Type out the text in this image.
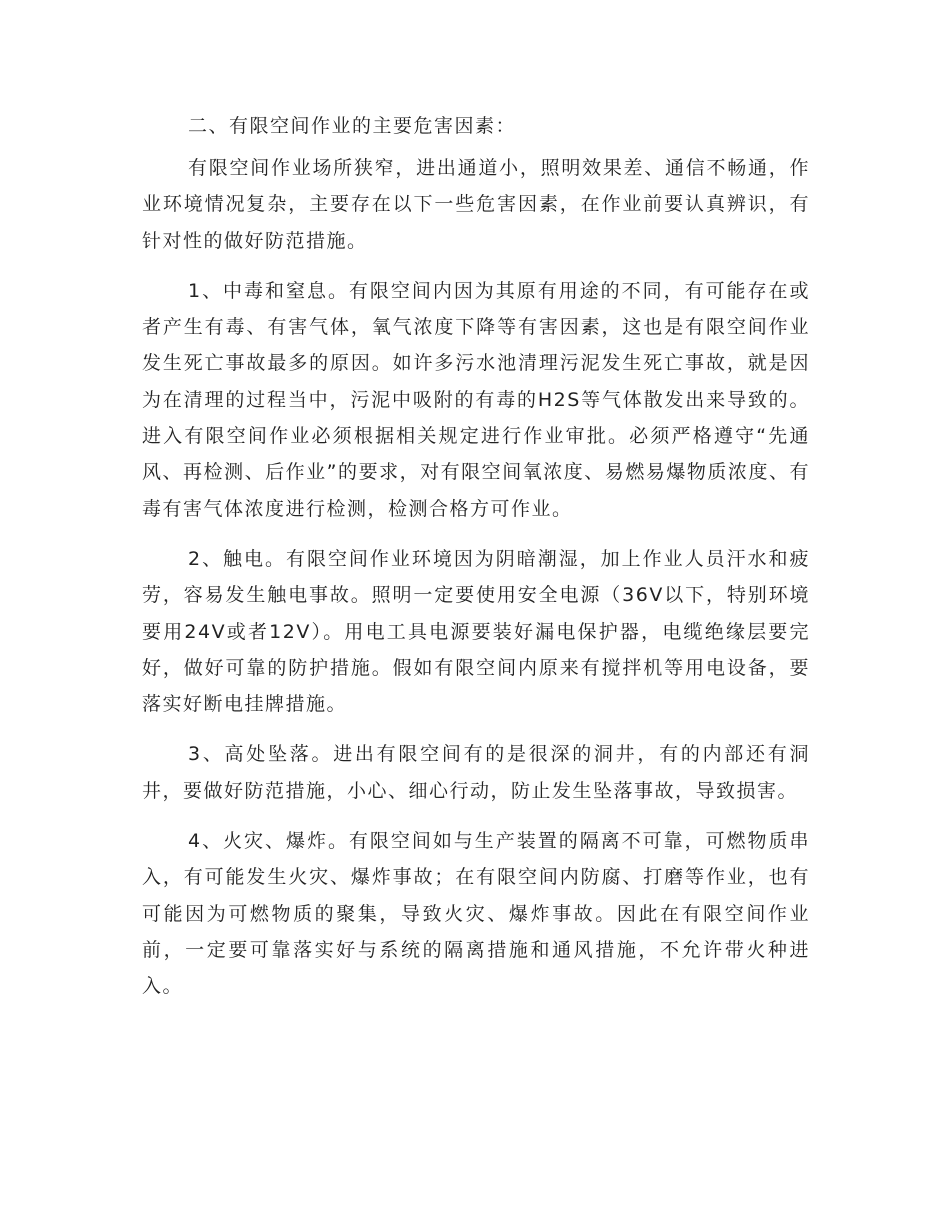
二、有限空间作业的主要危害因素：

有限空间作业场所狭窄，进出通道小，照明效果差、通信不畅通，作业环境情况复杂，主要存在以下一些危害因素，在作业前要认真辨识，有针对性的做好防范措施。

1、中毒和窒息。有限空间内因为其原有用途的不同，有可能存在或者产生有毒、有害气体，氧气浓度下降等有害因素，这也是有限空间作业发生死亡事故最多的原因。如许多污水池清理污泥发生死亡事故，就是因为在清理的过程当中，污泥中吸附的有毒的H2S等气体散发出来导致的。进入有限空间作业必须根据相关规定进行作业审批。必须严格遵守“先通风、再检测、后作业”的要求，对有限空间氧浓度、易燃易爆物质浓度、有毒有害气体浓度进行检测，检测合格方可作业。

2、触电。有限空间作业环境因为阴暗潮湿，加上作业人员汗水和疲劳，容易发生触电事故。照明一定要使用安全电源（36V以下，特别环境要用24V或者12V）。用电工具电源要装好漏电保护器，电缆绝缘层要完好，做好可靠的防护措施。假如有限空间内原来有搅拌机等用电设备，要落实好断电挂牌措施。

3、高处坠落。进出有限空间有的是很深的洞井，有的内部还有洞井，要做好防范措施，小心、细心行动，防止发生坠落事故，导致损害。

4、火灾、爆炸。有限空间如与生产装置的隔离不可靠，可燃物质串入，有可能发生火灾、爆炸事故；在有限空间内防腐、打磨等作业，也有可能因为可燃物质的聚集，导致火灾、爆炸事故。因此在有限空间作业前，一定要可靠落实好与系统的隔离措施和通风措施，不允许带火种进入。
